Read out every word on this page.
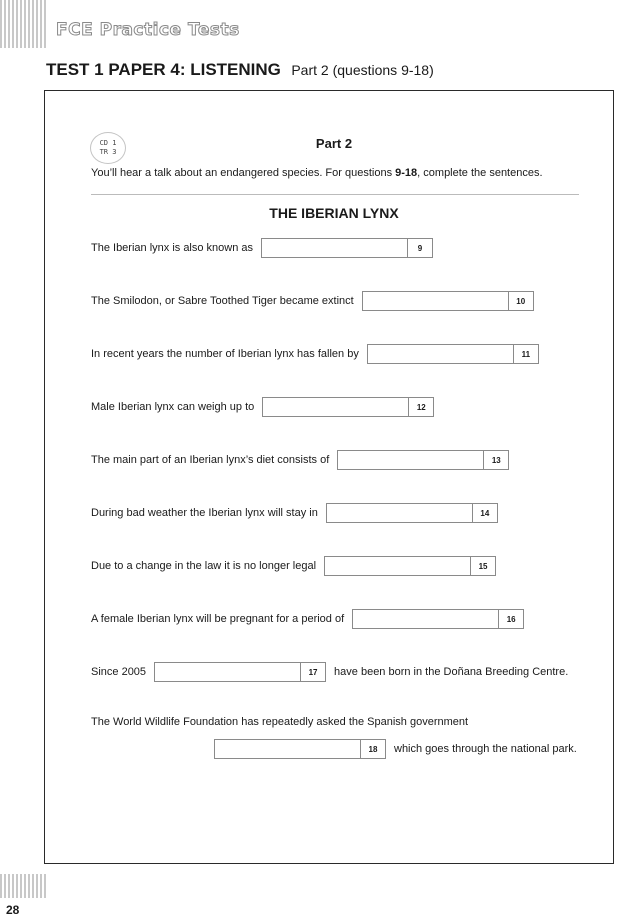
FCE Practice Tests
TEST 1 PAPER 4: LISTENING Part 2 (questions 9-18)
CD 1
TR 3
Part 2
You’ll hear a talk about an endangered species. For questions 9-18, complete the sentences.
THE IBERIAN LYNX
The Iberian lynx is also known as	9
The Smilodon, or Sabre Toothed Tiger became extinct	10
In recent years the number of Iberian lynx has fallen by	11
Male Iberian lynx can weigh up to	12
The main part of an Iberian lynx’s diet consists of	13
During bad weather the Iberian lynx will stay in	14
Due to a change in the law it is no longer legal	15
A female Iberian lynx will be pregnant for a period of	16
Since 2005	17	have been born in the Doñana Breeding Centre.
The World Wildlife Foundation has repeatedly asked the Spanish government
18	which goes through the national park.
28
